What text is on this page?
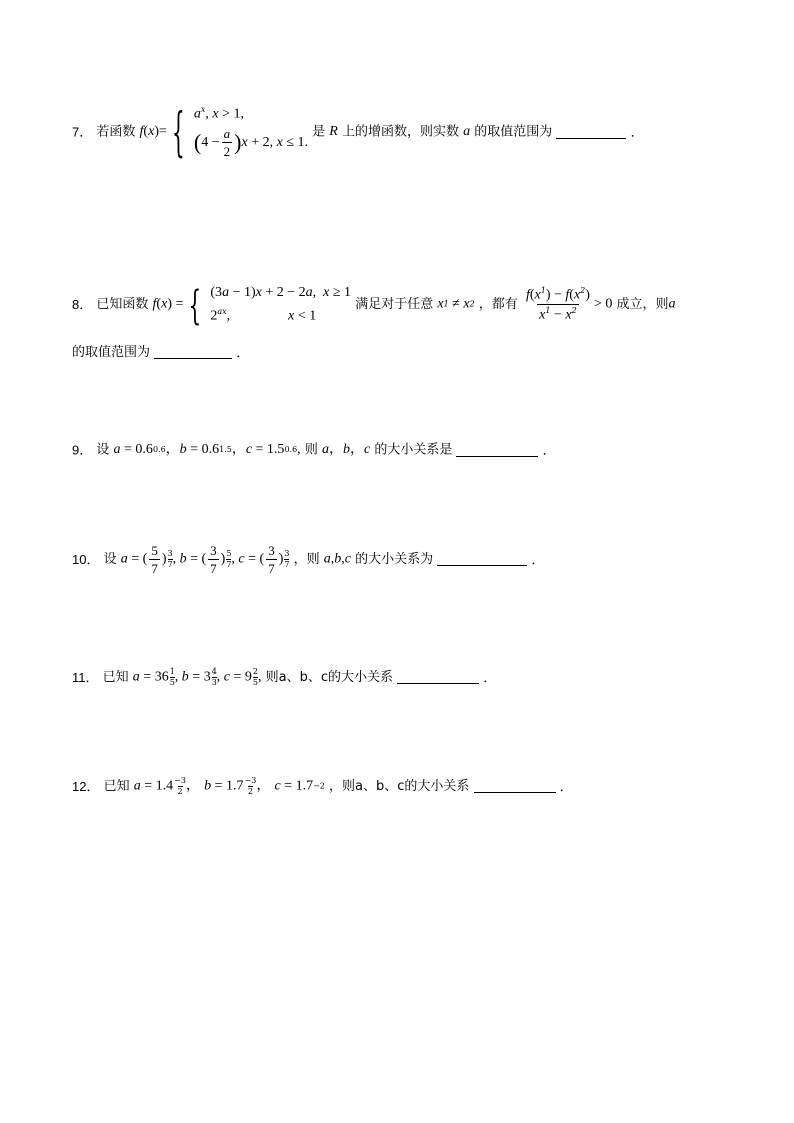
7． 若函数 f(x)= { $a^x$, x > 1,
$(4 - \frac{a}{2} )x + 2$, x ≤ 1.
是 R 上的增函数，则实数 a 的取值范围为	．
8． 已知函数 f(x) = { (3a − 1)x + 2 − 2a,  x ≥ 1
$2^{ax}$,	x < 1
满足对于任意 x1 ≠ x2 ，都有 $\frac{f(x^1) - f(x^2)}{x^1 - x^2} > 0$ 成立，则a
的取值范围为	．
9． 设 a = 0.60.6，b = 0.61.5，c = 1.50.6, 则 a，b，c 的大小关系是	．
10． 设 a = ( $\frac{5}{7}$ ) $\frac{3}{7}$ , b = ( $\frac{3}{7}$ ) $\frac{5}{7}$ , c = ( $\frac{3}{7}$ ) $\frac{3}{7}$ ，则 a,b,c 的大小关系为	．
11． 已知 $a = 36 \frac{1}{5}$ , $b = 3 \frac{4}{3}$ , $c = 9 \frac{2}{5}$ , 则a、b、c的大小关系	．
12． 已知 $a = 1.4 \frac{-3}{2}$ ， $b = 1.7 \frac{-3}{2}$ ， c = 1.7−2 ，则a、b、c的大小关系	．
